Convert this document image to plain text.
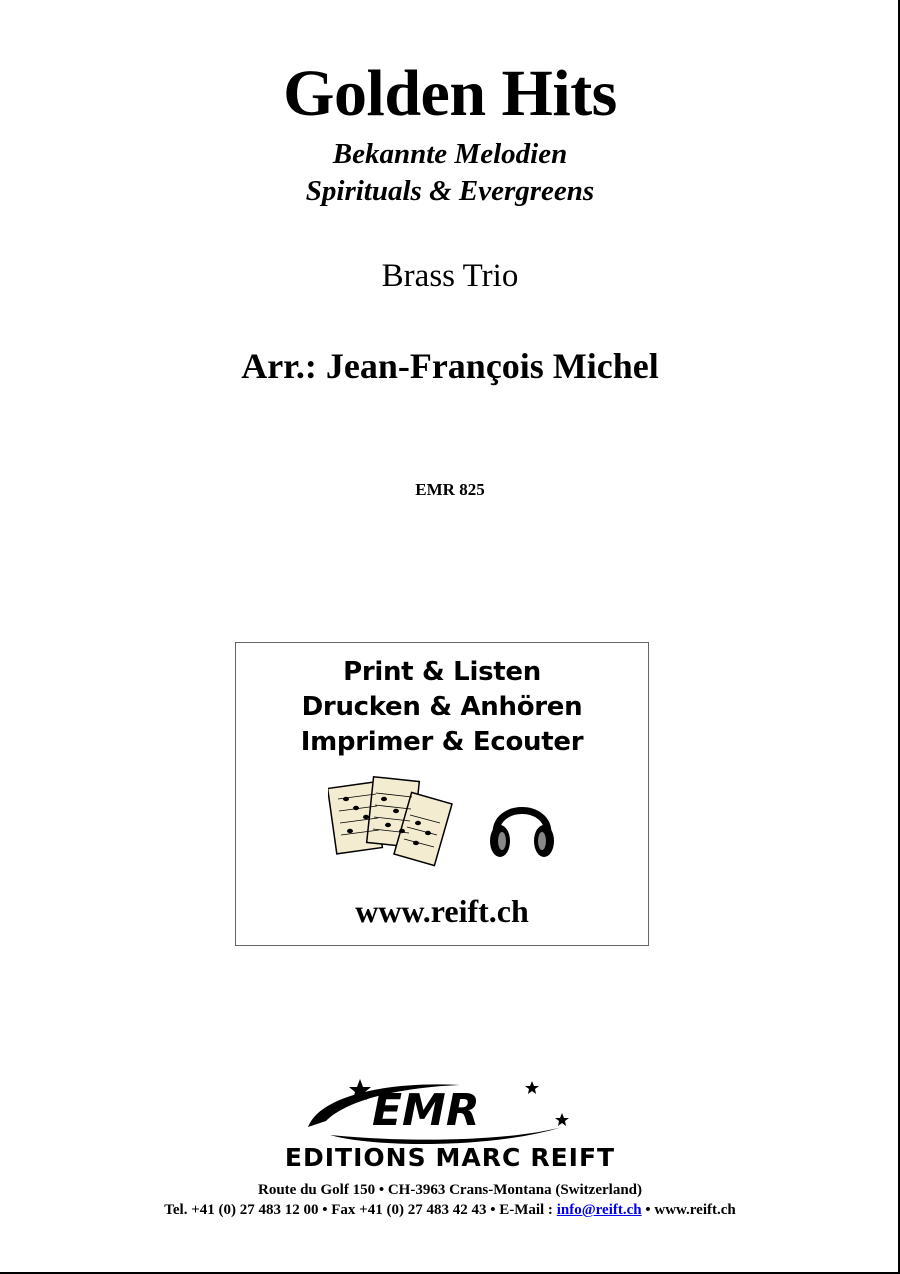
Golden Hits
Bekannte Melodien
Spirituals & Evergreens
Brass Trio
Arr.: Jean-François Michel
EMR 825
Print & Listen
Drucken & Anhören
Imprimer & Ecouter
www.reift.ch
EMR
EDITIONS MARC REIFT
Route du Golf 150 • CH-3963 Crans-Montana (Switzerland)
Tel. +41 (0) 27 483 12 00 • Fax +41 (0) 27 483 42 43 • E-Mail : info@reift.ch • www.reift.ch
